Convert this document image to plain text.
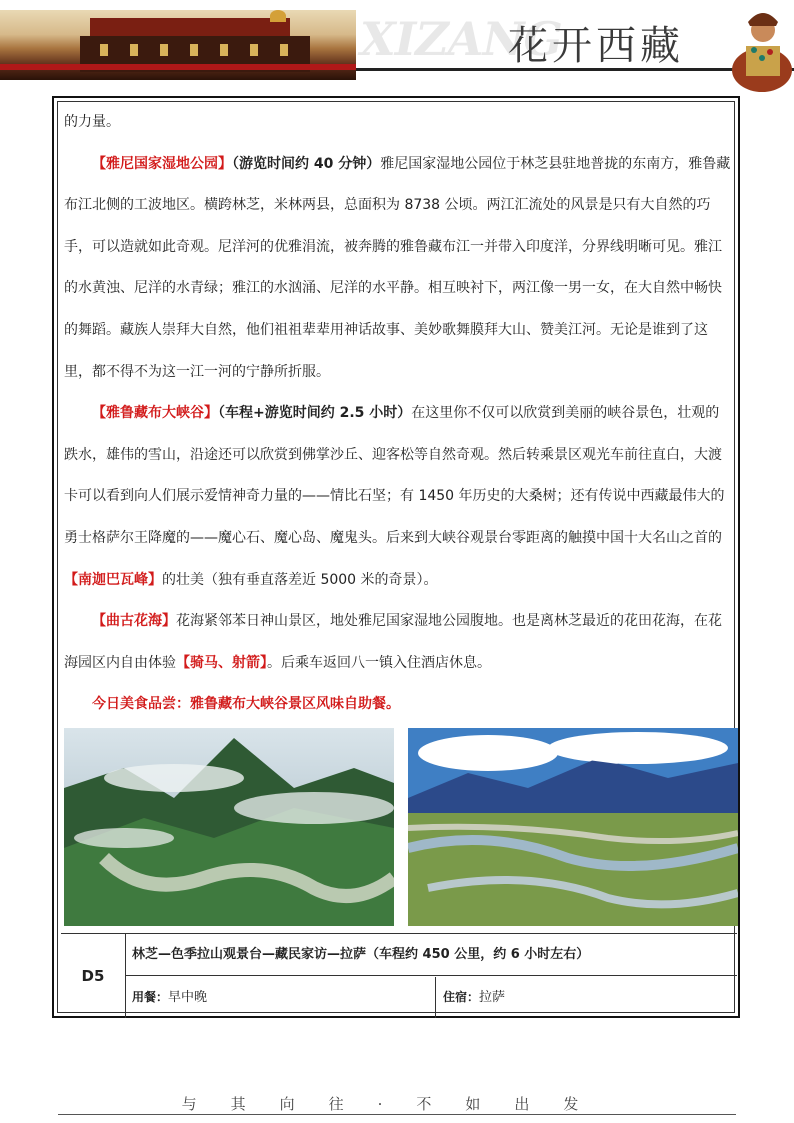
XIZANG
花开西藏

的力量。

【雅尼国家湿地公园】（游览时间约 40 分钟）雅尼国家湿地公园位于林芝县驻地普拢的东南方，雅鲁藏布江北侧的工波地区。横跨林芝，米林两县，总面积为 8738 公顷。两江汇流处的风景是只有大自然的巧手，可以造就如此奇观。尼洋河的优雅涓流，被奔腾的雅鲁藏布江一并带入印度洋，分界线明晰可见。雅江的水黄浊、尼洋的水青绿；雅江的水汹涌、尼洋的水平静。相互映衬下，两江像一男一女，在大自然中畅快的舞蹈。藏族人崇拜大自然，他们祖祖辈辈用神话故事、美妙歌舞膜拜大山、赞美江河。无论是谁到了这里，都不得不为这一江一河的宁静所折服。

【雅鲁藏布大峡谷】（车程+游览时间约 2.5 小时）在这里你不仅可以欣赏到美丽的峡谷景色，壮观的跌水，雄伟的雪山，沿途还可以欣赏到佛掌沙丘、迎客松等自然奇观。然后转乘景区观光车前往直白，大渡卡可以看到向人们展示爱情神奇力量的——情比石坚；有 1450 年历史的大桑树；还有传说中西藏最伟大的勇士格萨尔王降魔的——魔心石、魔心岛、魔鬼头。后来到大峡谷观景台零距离的触摸中国十大名山之首的【南迦巴瓦峰】的壮美（独有垂直落差近 5000 米的奇景）。

【曲古花海】花海紧邻苯日神山景区，地处雅尼国家湿地公园腹地。也是离林芝最近的花田花海，在花海园区内自由体验【骑马、射箭】。后乘车返回八一镇入住酒店休息。

今日美食品尝：雅鲁藏布大峡谷景区风味自助餐。

D5
林芝—色季拉山观景台—藏民家访—拉萨（车程约 450 公里，约 6 小时左右）
用餐：早中晚	住宿：拉萨
与其向往·不如出发
